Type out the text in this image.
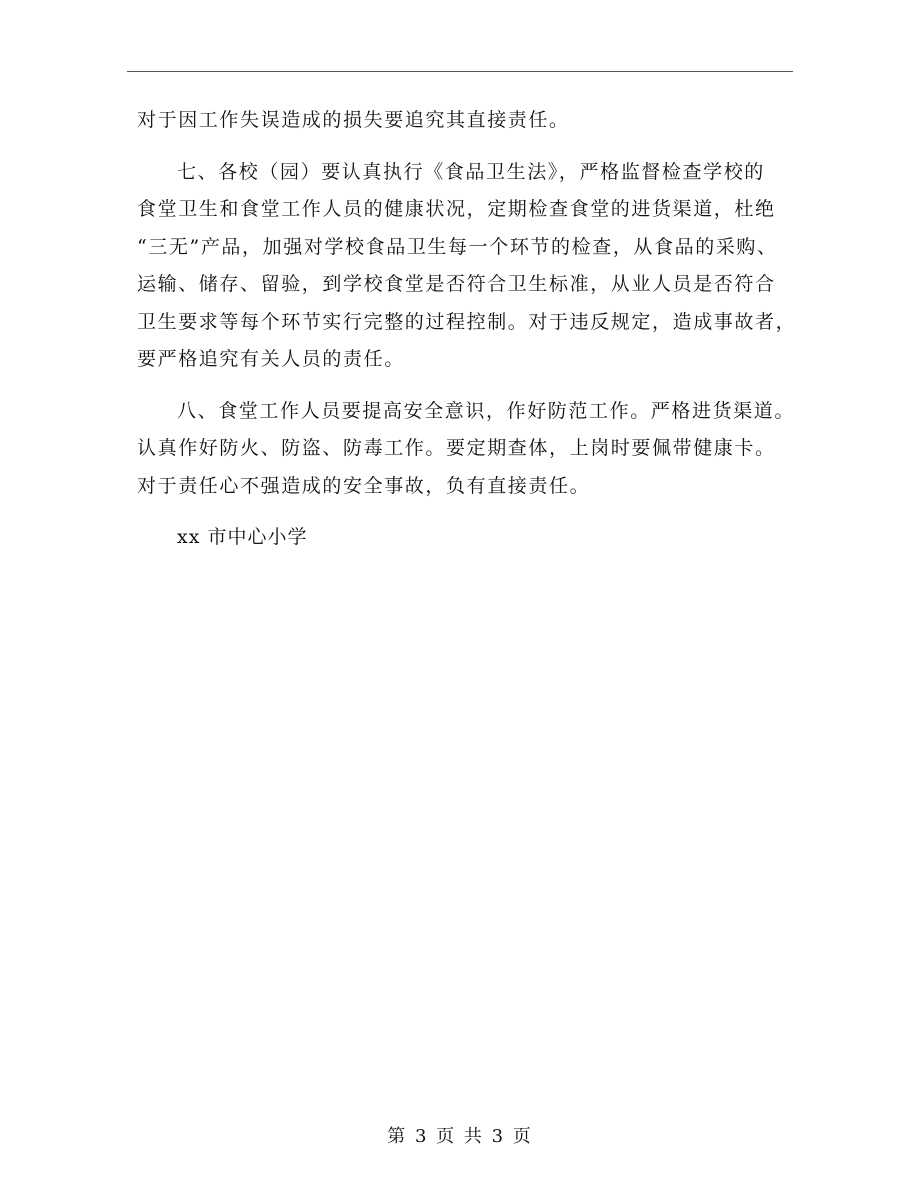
对于因工作失误造成的损失要追究其直接责任。

七、各校（园）要认真执行《食品卫生法》，严格监督检查学校的
食堂卫生和食堂工作人员的健康状况，定期检查食堂的进货渠道，杜绝
“三无”产品，加强对学校食品卫生每一个环节的检查，从食品的采购、
运输、储存、留验，到学校食堂是否符合卫生标准，从业人员是否符合
卫生要求等每个环节实行完整的过程控制。对于违反规定，造成事故者，
要严格追究有关人员的责任。

八、食堂工作人员要提高安全意识，作好防范工作。严格进货渠道。
认真作好防火、防盗、防毒工作。要定期查体，上岗时要佩带健康卡。
对于责任心不强造成的安全事故，负有直接责任。

xx 市中心小学
第 3 页 共 3 页
